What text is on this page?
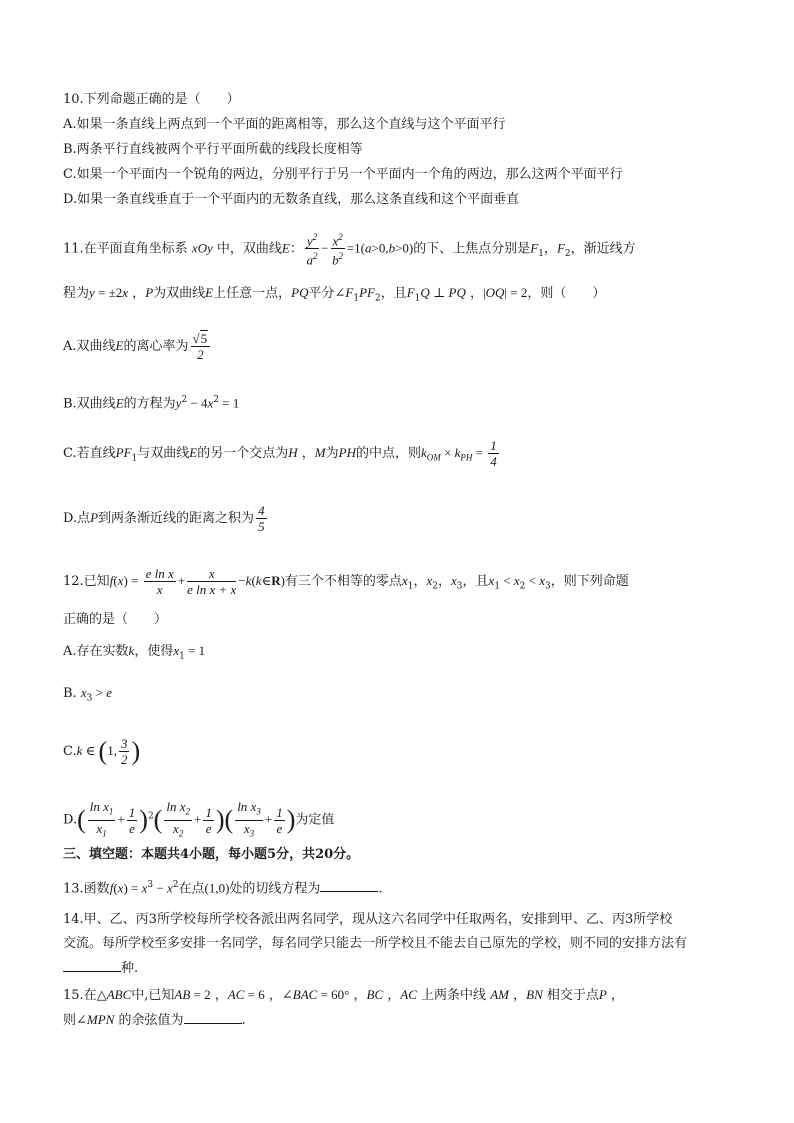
10.下列命题正确的是（　　）
A.如果一条直线上两点到一个平面的距离相等，那么这个直线与这个平面平行
B.两条平行直线被两个平行平面所截的线段长度相等
C.如果一个平面内一个锐角的两边，分别平行于另一个平面内一个角的两边，那么这两个平面平行
D.如果一条直线垂直于一个平面内的无数条直线，那么这条直线和这个平面垂直
11.在平面直角坐标系 xOy 中，双曲线E： $\frac{y^2}{a^2} - \frac{x^2}{b^2} =1(a>0,b>0)$的下、上焦点分别是$F_1$，$F_2$，渐近线方
程为y = ±2x ，P为双曲线E上任意一点，PQ平分$\angle F_1PF_2$，且$F_1Q$ ⊥ PQ ，|OQ| = 2，则（　　）
A.双曲线E的离心率为 $\frac{√5}{2}$
B.双曲线E的方程为$y^2 - 4x^2 = 1$
C.若直线$PF_1$与双曲线E的另一个交点为H ，M为PH的中点，则$k_{OM} \times k_{PH} = \frac{1}{4}$
D.点P到两条渐近线的距离之积为 $\frac{4}{5}$
12.已知$f(x) = \frac{\text{e ln x}}{x} + \frac{x}{\text{e ln x + x}}$ −k(k∈R)有三个不相等的零点$x_1$，$x_2$，$x_3$，且$x_1 < x_2 < x_3$，则下列命题
正确的是（　　）
A.存在实数k，使得$x_1 = 1$
B. $x_3 > e$
C.k ∈ (1, $\frac{3}{2}$ )
$D.( \frac{\ln x_1}{x_1} + \frac{1}{e} )^2( \frac{\ln x_2}{x_2} + \frac{1}{e}$ )( $\frac{\ln x_3}{x_3} + \frac{1}{e}$ )为定值
三、填空题：本题共4小题，每小题5分，共20分。
13.函数$f(x) = x^3 - x^2$在点(1,0)处的切线方程为	.
14.甲、乙、丙3所学校每所学校各派出两名同学，现从这六名同学中任取两名，安排到甲、乙、丙3所学校
交流。每所学校至多安排一名同学，每名同学只能去一所学校且不能去自己原先的学校，则不同的安排方法有
种.
15.在△ABC中,已知AB = 2 ，AC = 6 ，∠BAC = 60° ，BC ，AC 上两条中线 AM ，BN 相交于点P ，
则∠MPN 的余弦值为	.
